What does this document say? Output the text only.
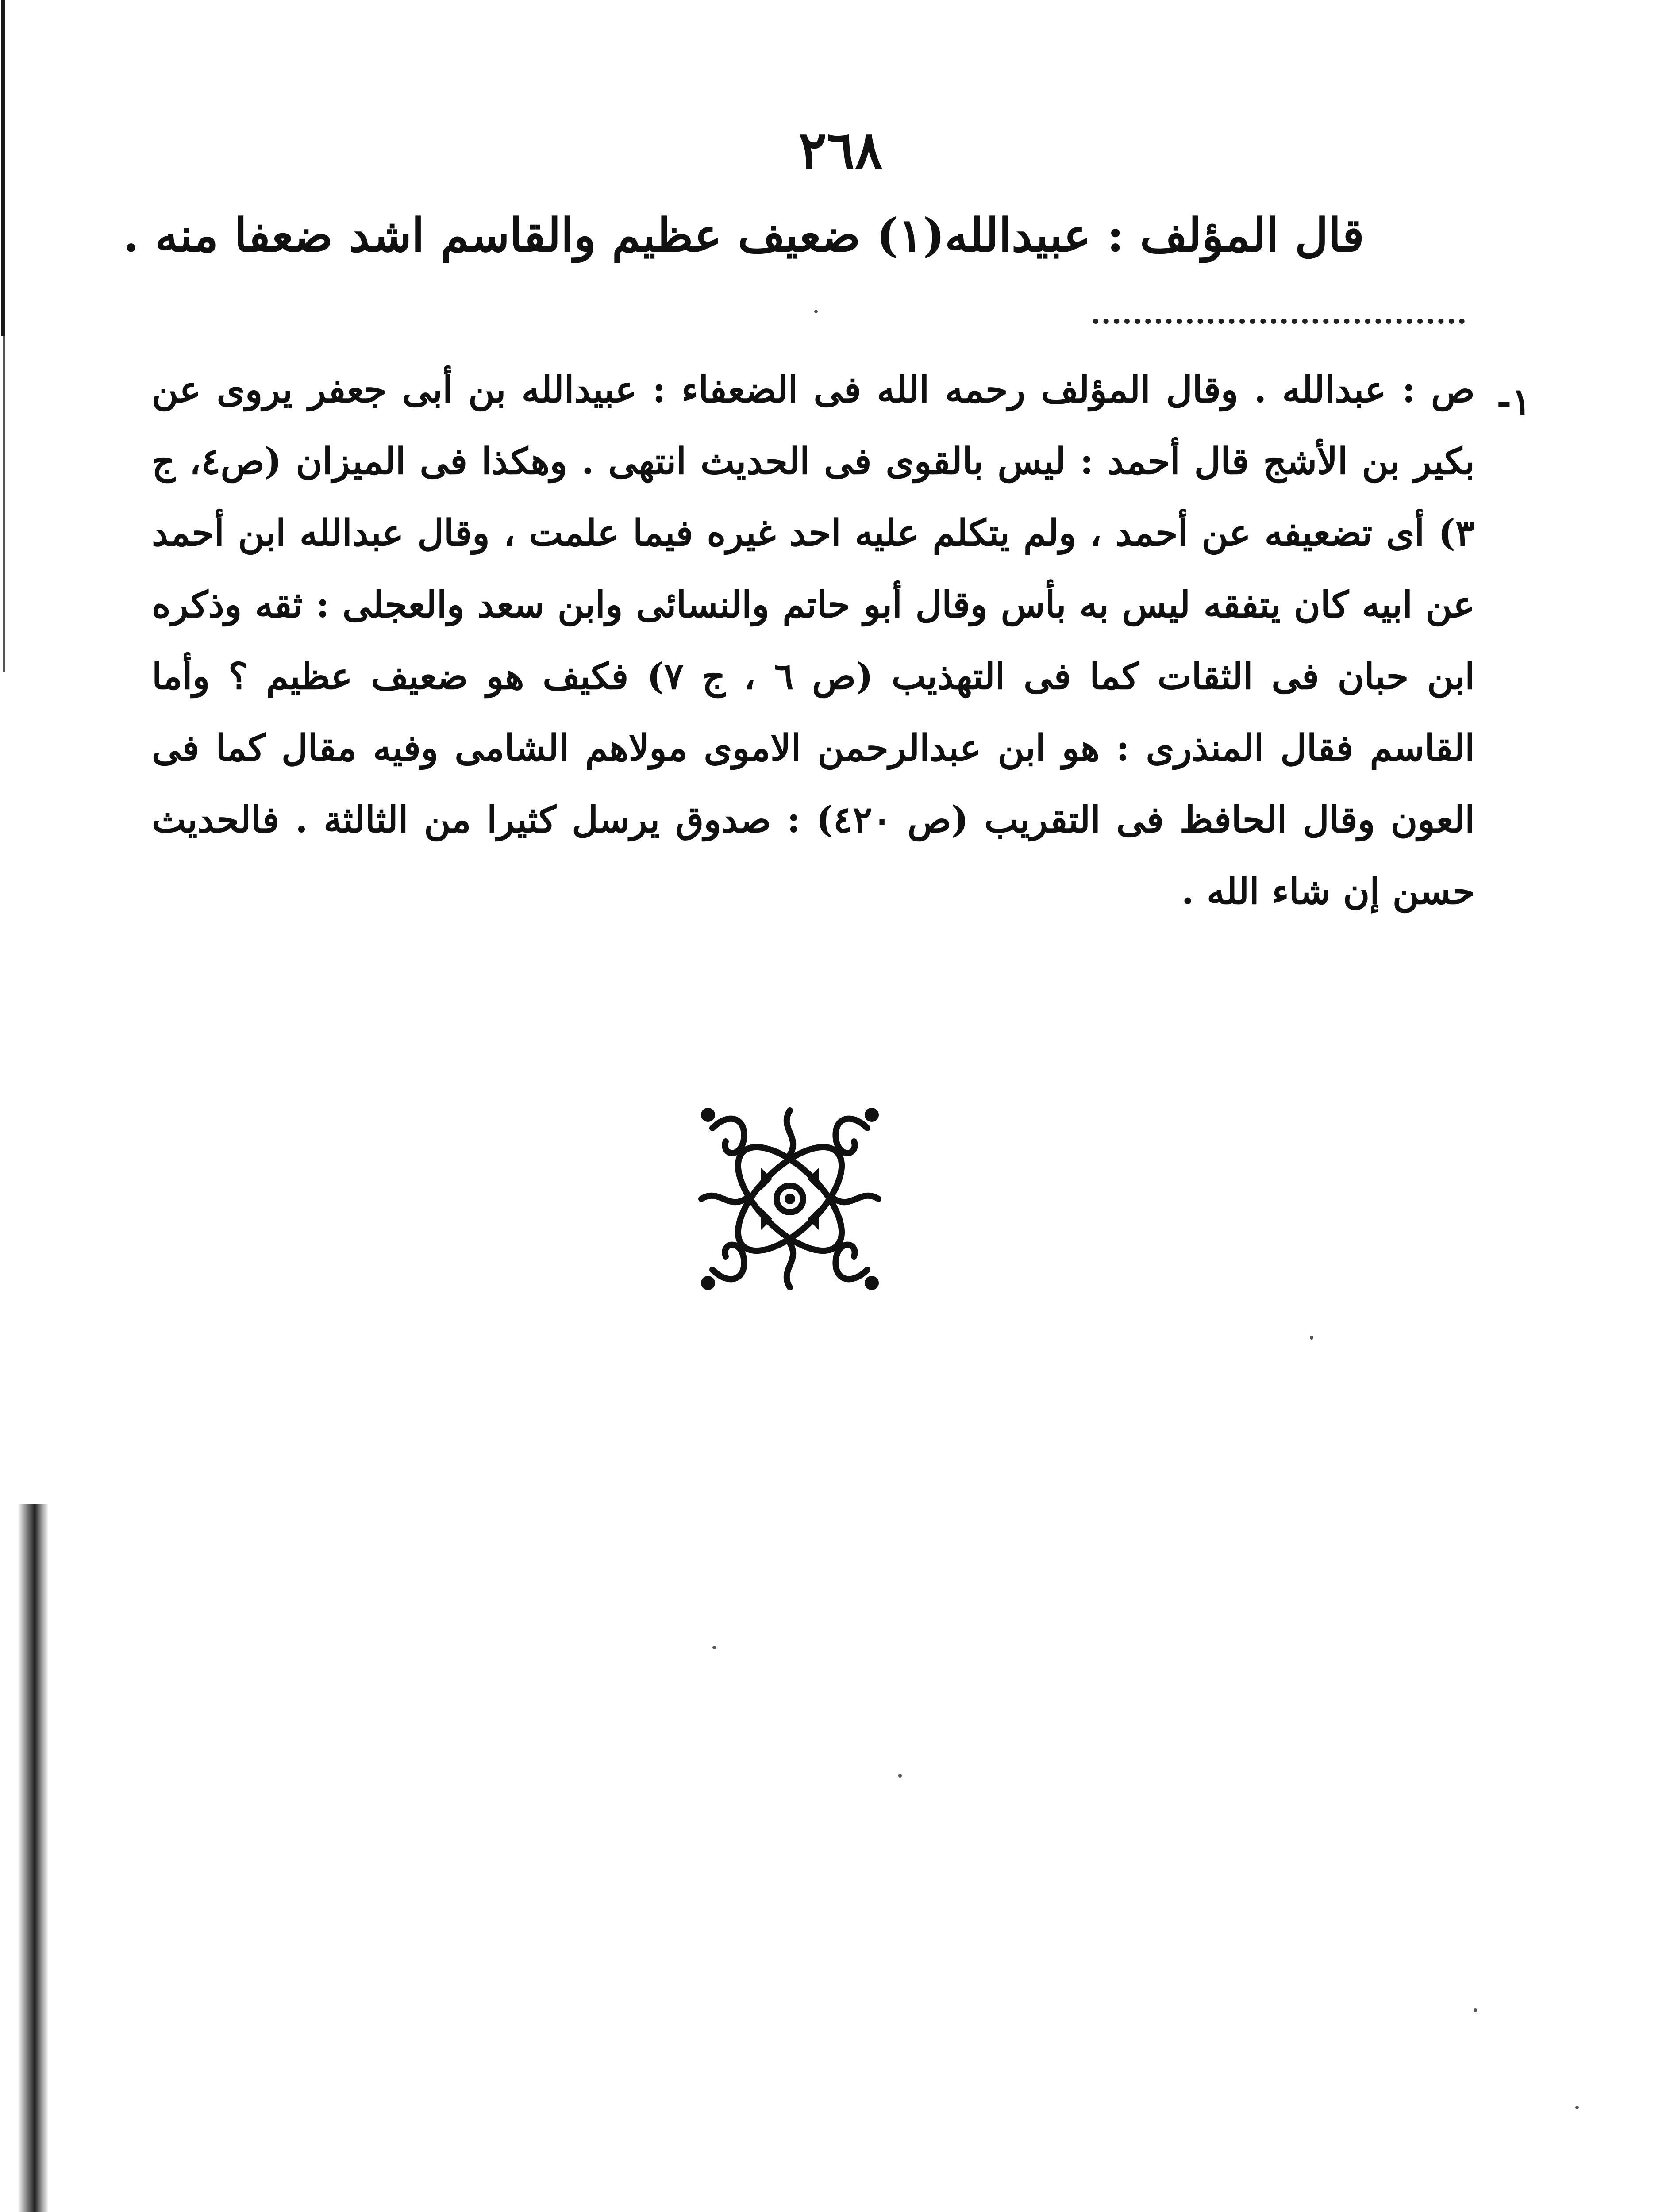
٢٦٨
قال المؤلف : عبيدالله(١) ضعيف عظيم والقاسم اشد ضعفا منه .
١-
ص : عبدالله . وقال المؤلف رحمه الله فى الضعفاء : عبيدالله بن أبى جعفر يروى عن بكير بن الأشج قال أحمد : ليس بالقوى فى الحديث انتهى . وهكذا فى الميزان (ص٤، ج ٣) أى تضعيفه عن أحمد ، ولم يتكلم عليه احد غيره فيما علمت ، وقال عبدالله ابن أحمد عن ابيه كان يتفقه ليس به بأس وقال أبو حاتم والنسائى وابن سعد والعجلى : ثقه وذكره ابن حبان فى الثقات كما فى التهذيب (ص ٦ ، ج ٧) فكيف هو ضعيف عظيم ؟ وأما القاسم فقال المنذرى : هو ابن عبدالرحمن الاموى مولاهم الشامى وفيه مقال كما فى العون وقال الحافظ فى التقريب (ص ٤٢٠) : صدوق يرسل كثيرا من الثالثة . فالحديث حسن إن شاء الله .
